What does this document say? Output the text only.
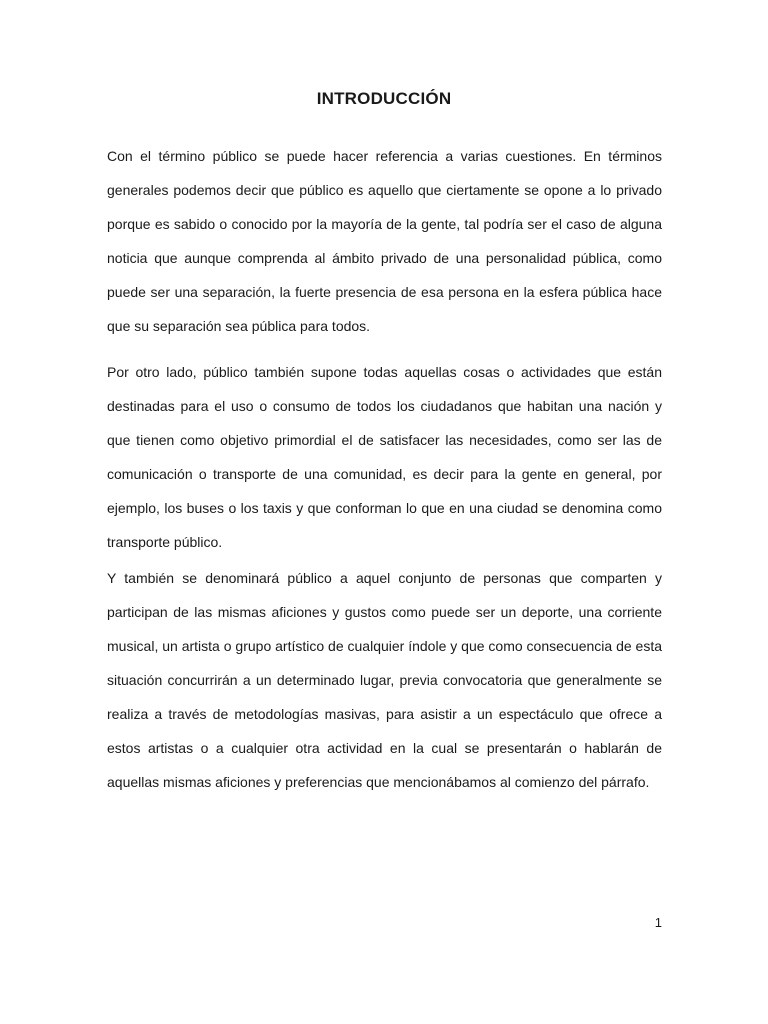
INTRODUCCIÓN

Con el término público se puede hacer referencia a varias cuestiones. En términos generales podemos decir que público es aquello que ciertamente se opone a lo privado porque es sabido o conocido por la mayoría de la gente, tal podría ser el caso de alguna noticia que aunque comprenda al ámbito privado de una personalidad pública, como puede ser una separación, la fuerte presencia de esa persona en la esfera pública hace que su separación sea pública para todos.

Por otro lado, público también supone todas aquellas cosas o actividades que están destinadas para el uso o consumo de todos los ciudadanos que habitan una nación y que tienen como objetivo primordial el de satisfacer las necesidades, como ser las de comunicación o transporte de una comunidad, es decir para la gente en general, por ejemplo, los buses o los taxis y que conforman lo que en una ciudad se denomina como transporte público.

Y también se denominará público a aquel conjunto de personas que comparten y participan de las mismas aficiones y gustos como puede ser un deporte, una corriente musical, un artista o grupo artístico de cualquier índole y que como consecuencia de esta situación concurrirán a un determinado lugar, previa convocatoria que generalmente se realiza a través de metodologías masivas, para asistir a un espectáculo que ofrece a estos artistas o a cualquier otra actividad en la cual se presentarán o hablarán de aquellas mismas aficiones y preferencias que mencionábamos al comienzo del párrafo.

1
